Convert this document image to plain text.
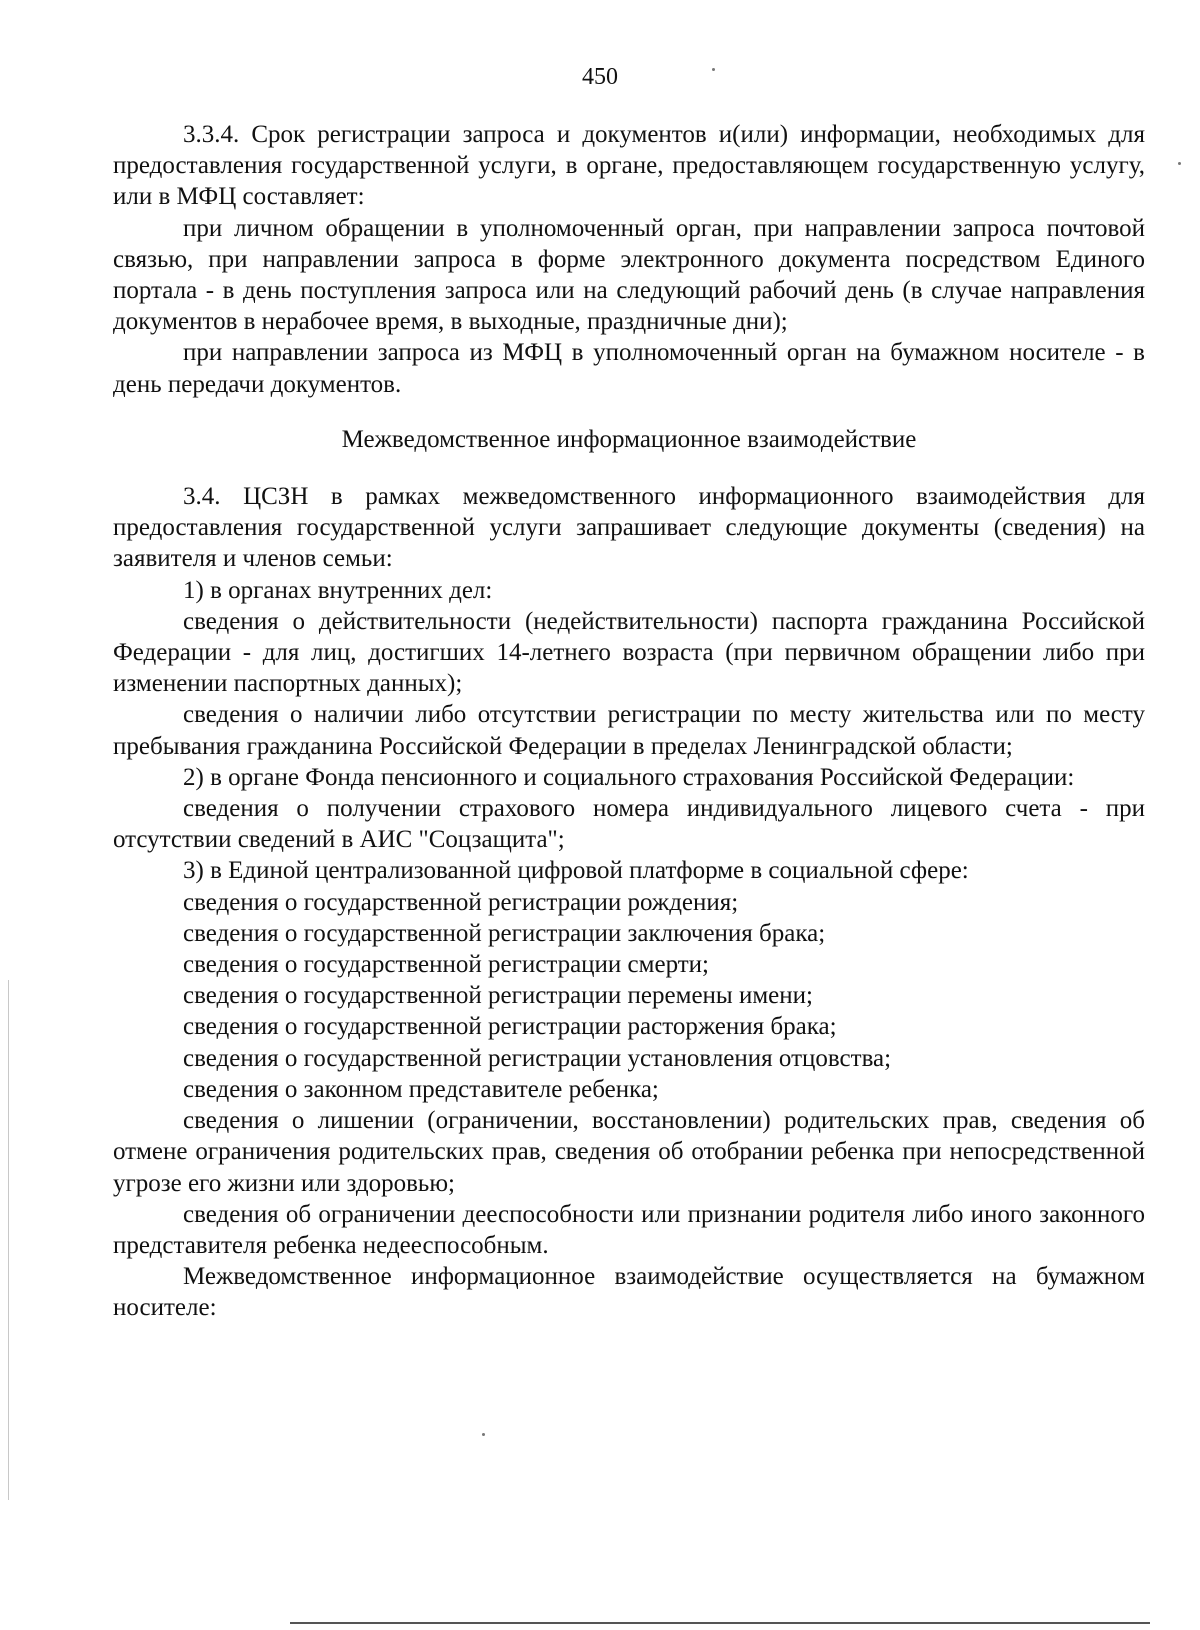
450

3.3.4. Срок регистрации запроса и документов и(или) информации, необходимых для предоставления государственной услуги, в органе, предоставляющем государственную услугу, или в МФЦ составляет:

при личном обращении в уполномоченный орган, при направлении запроса почтовой связью, при направлении запроса в форме электронного документа посредством Единого портала - в день поступления запроса или на следующий рабочий день (в случае направления документов в нерабочее время, в выходные, праздничные дни);

при направлении запроса из МФЦ в уполномоченный орган на бумажном носителе - в день передачи документов.

Межведомственное информационное взаимодействие

3.4. ЦСЗН в рамках межведомственного информационного взаимодействия для предоставления государственной услуги запрашивает следующие документы (сведения) на заявителя и членов семьи:

1) в органах внутренних дел:

сведения о действительности (недействительности) паспорта гражданина Российской Федерации - для лиц, достигших 14-летнего возраста (при первичном обращении либо при изменении паспортных данных);

сведения о наличии либо отсутствии регистрации по месту жительства или по месту пребывания гражданина Российской Федерации в пределах Ленинградской области;

2) в органе Фонда пенсионного и социального страхования Российской Федерации:

сведения о получении страхового номера индивидуального лицевого счета - при отсутствии сведений в АИС "Соцзащита";

3) в Единой централизованной цифровой платформе в социальной сфере:

сведения о государственной регистрации рождения;

сведения о государственной регистрации заключения брака;

сведения о государственной регистрации смерти;

сведения о государственной регистрации перемены имени;

сведения о государственной регистрации расторжения брака;

сведения о государственной регистрации установления отцовства;

сведения о законном представителе ребенка;

сведения о лишении (ограничении, восстановлении) родительских прав, сведения об отмене ограничения родительских прав, сведения об отобрании ребенка при непосредственной угрозе его жизни или здоровью;

сведения об ограничении дееспособности или признании родителя либо иного законного представителя ребенка недееспособным.

Межведомственное информационное взаимодействие осуществляется на бумажном носителе:
